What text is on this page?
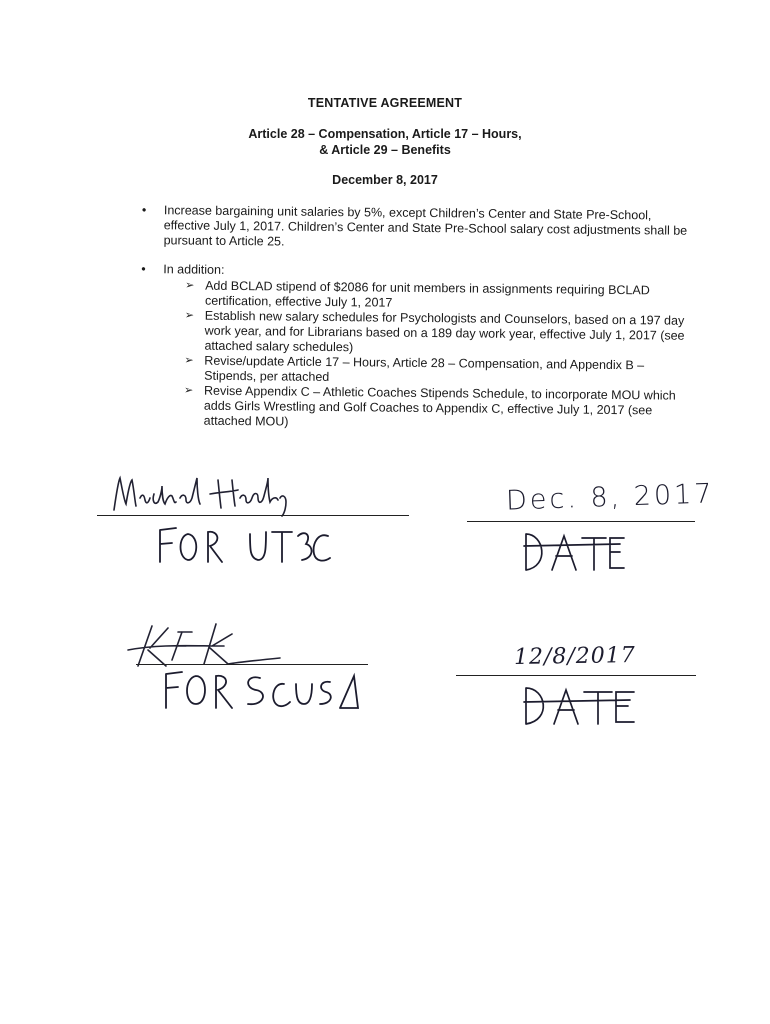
TENTATIVE AGREEMENT
Article 28 – Compensation, Article 17 – Hours,
& Article 29 – Benefits
December 8, 2017
• Increase bargaining unit salaries by 5%, except Children’s Center and State Pre-School, effective July 1, 2017. Children’s Center and State Pre-School salary cost adjustments shall be pursuant to Article 25.
• In addition:
➢ Add BCLAD stipend of $2086 for unit members in assignments requiring BCLAD certification, effective July 1, 2017
➢ Establish new salary schedules for Psychologists and Counselors, based on a 197 day work year, and for Librarians based on a 189 day work year, effective July 1, 2017 (see attached salary schedules)
➢ Revise/update Article 17 – Hours, Article 28 – Compensation, and Appendix B – Stipends, per attached
➢ Revise Appendix C – Athletic Coaches Stipends Schedule, to incorporate MOU which adds Girls Wrestling and Golf Coaches to Appendix C, effective July 1, 2017 (see attached MOU)
Dec. 8, 2017
12/8/2017
